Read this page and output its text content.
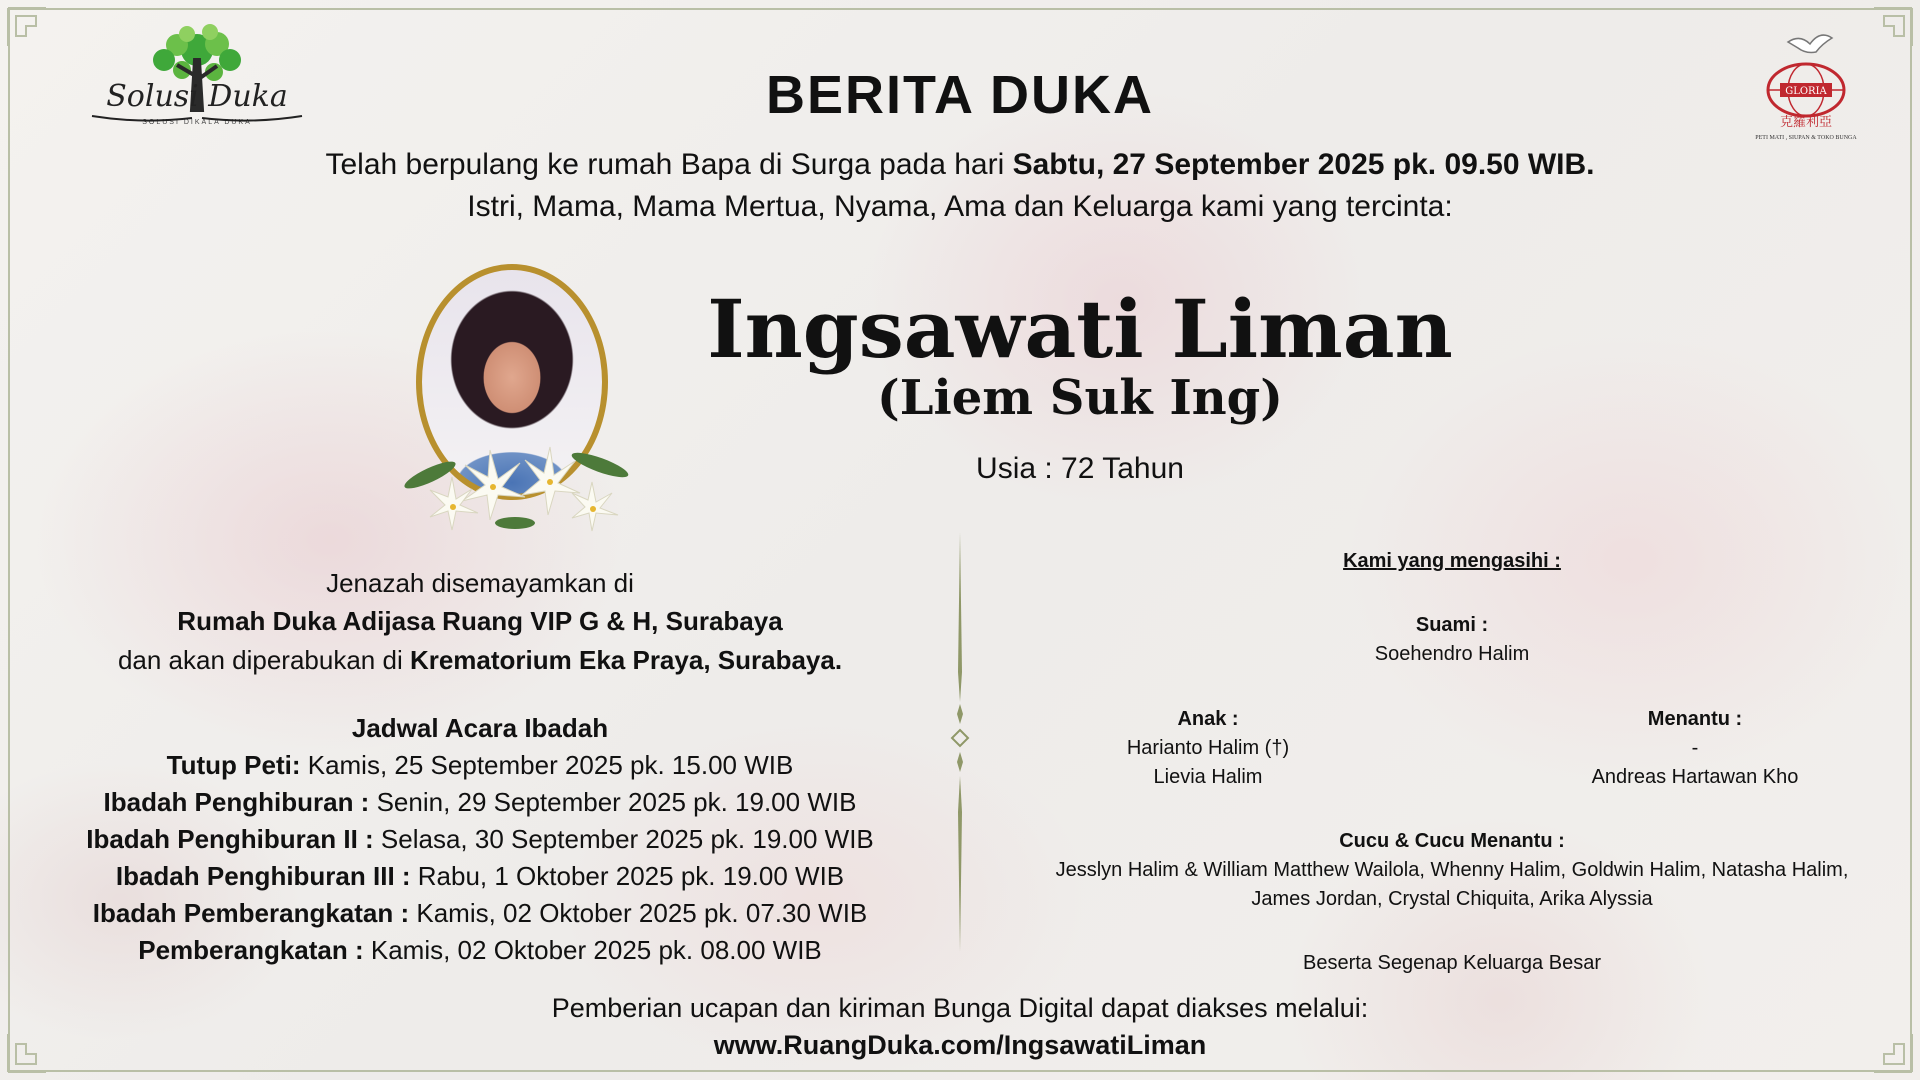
Solusi Duka
SOLUSI DIKALA DUKA
GLORIA
克羅利亞
PETI MATI , SIUPAN & TOKO BUNGA
BERITA DUKA
Telah berpulang ke rumah Bapa di Surga pada hari Sabtu, 27 September 2025 pk. 09.50 WIB.
Istri, Mama, Mama Mertua, Nyama, Ama dan Keluarga kami yang tercinta:
Ingsawati Liman
(Liem Suk Ing)
Usia : 72 Tahun
Jenazah disemayamkan di
Rumah Duka Adijasa Ruang VIP G & H, Surabaya
dan akan diperabukan di Krematorium Eka Praya, Surabaya.
Jadwal Acara Ibadah
Tutup Peti: Kamis, 25 September 2025 pk. 15.00 WIB
Ibadah Penghiburan : Senin, 29 September 2025 pk. 19.00 WIB
Ibadah Penghiburan II : Selasa, 30 September 2025 pk. 19.00 WIB
Ibadah Penghiburan III : Rabu, 1 Oktober 2025 pk. 19.00 WIB
Ibadah Pemberangkatan : Kamis, 02 Oktober 2025 pk. 07.30 WIB
Pemberangkatan : Kamis, 02 Oktober 2025 pk. 08.00 WIB
Kami yang mengasihi :
Suami :
Soehendro Halim
Anak :
Harianto Halim (†)
Lievia Halim
Menantu :
-
Andreas Hartawan Kho
Cucu & Cucu Menantu :
Jesslyn Halim & William Matthew Wailola, Whenny Halim, Goldwin Halim, Natasha Halim,
James Jordan, Crystal Chiquita, Arika Alyssia
Beserta Segenap Keluarga Besar
Pemberian ucapan dan kiriman Bunga Digital dapat diakses melalui:
www.RuangDuka.com/IngsawatiLiman
